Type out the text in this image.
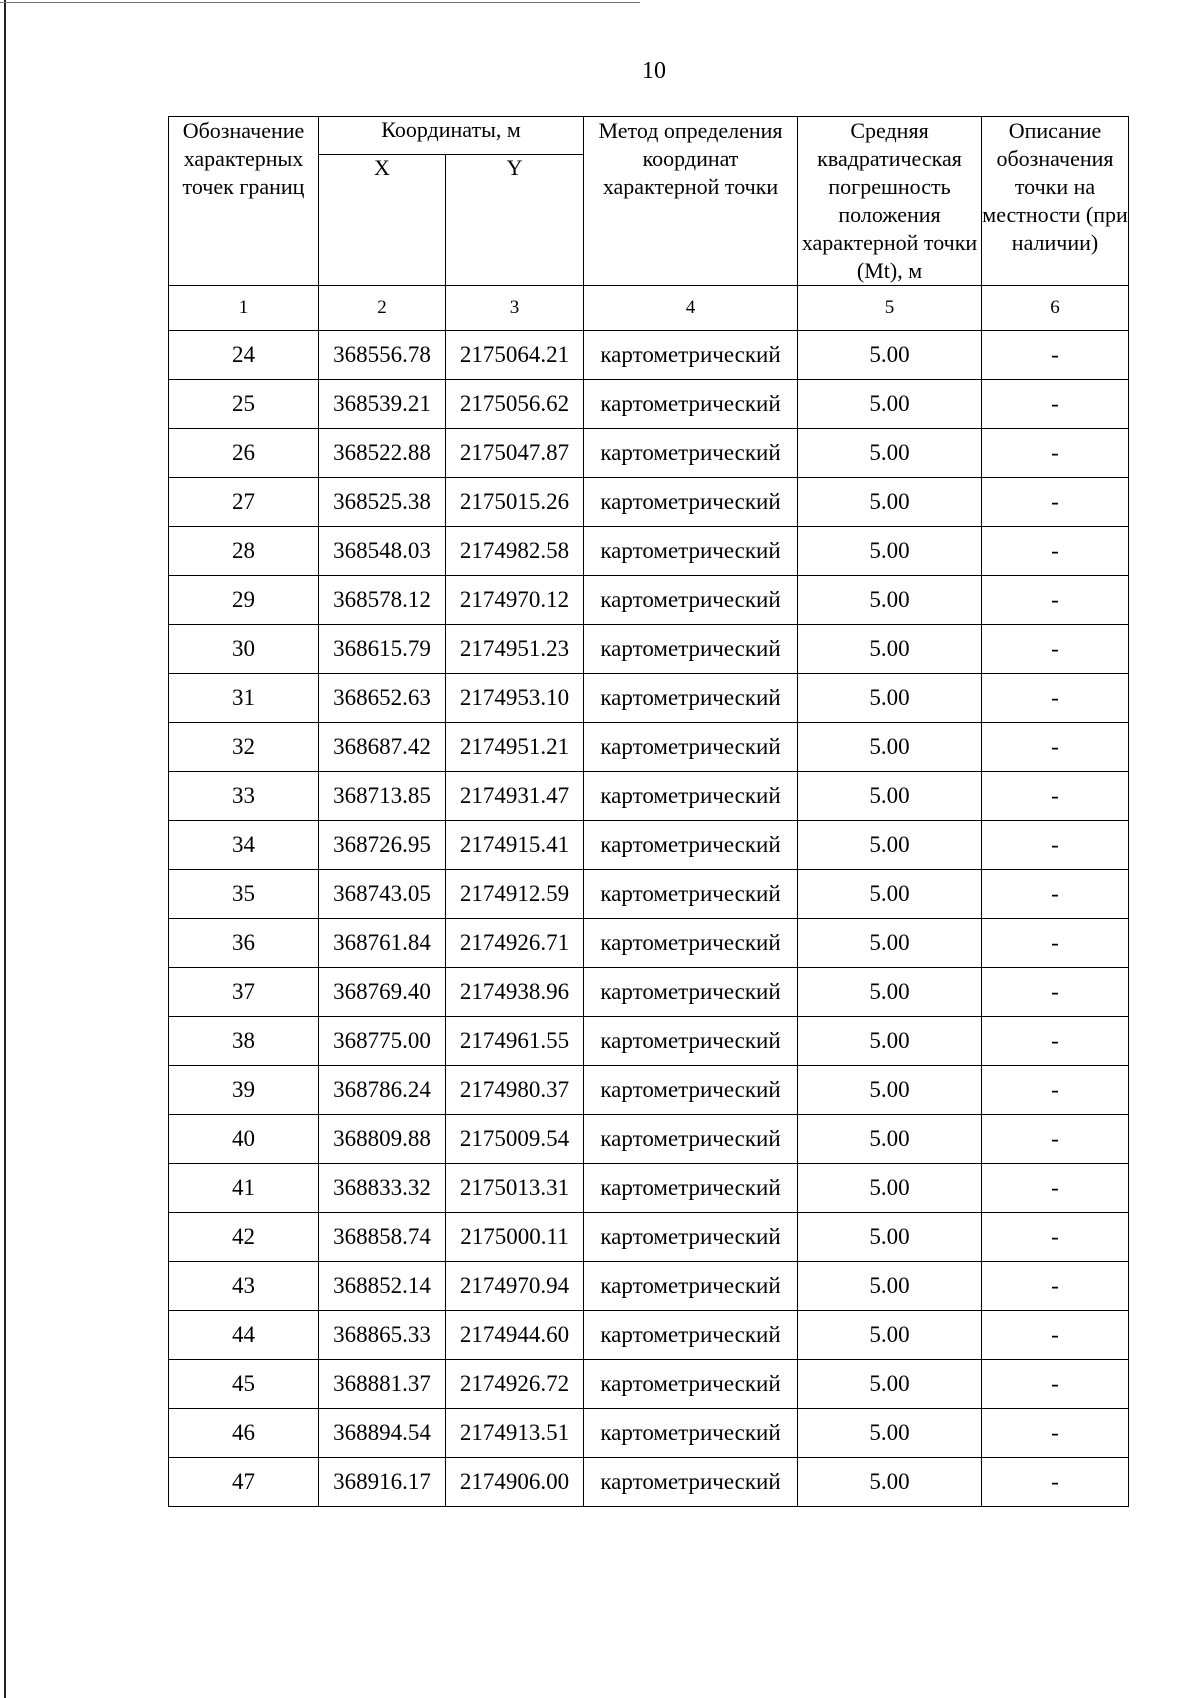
10
Обозначение характерных точек границ	Координаты, м		Метод определения координат характерной точки	Средняя квадратическая погрешность положения характерной точки (Mt), м	Описание обозначения точки на местности (при наличии)
	X	Y			
1	2	3	4	5	6
24	368556.78	2175064.21	картометрический	5.00	-
25	368539.21	2175056.62	картометрический	5.00	-
26	368522.88	2175047.87	картометрический	5.00	-
27	368525.38	2175015.26	картометрический	5.00	-
28	368548.03	2174982.58	картометрический	5.00	-
29	368578.12	2174970.12	картометрический	5.00	-
30	368615.79	2174951.23	картометрический	5.00	-
31	368652.63	2174953.10	картометрический	5.00	-
32	368687.42	2174951.21	картометрический	5.00	-
33	368713.85	2174931.47	картометрический	5.00	-
34	368726.95	2174915.41	картометрический	5.00	-
35	368743.05	2174912.59	картометрический	5.00	-
36	368761.84	2174926.71	картометрический	5.00	-
37	368769.40	2174938.96	картометрический	5.00	-
38	368775.00	2174961.55	картометрический	5.00	-
39	368786.24	2174980.37	картометрический	5.00	-
40	368809.88	2175009.54	картометрический	5.00	-
41	368833.32	2175013.31	картометрический	5.00	-
42	368858.74	2175000.11	картометрический	5.00	-
43	368852.14	2174970.94	картометрический	5.00	-
44	368865.33	2174944.60	картометрический	5.00	-
45	368881.37	2174926.72	картометрический	5.00	-
46	368894.54	2174913.51	картометрический	5.00	-
47	368916.17	2174906.00	картометрический	5.00	-
